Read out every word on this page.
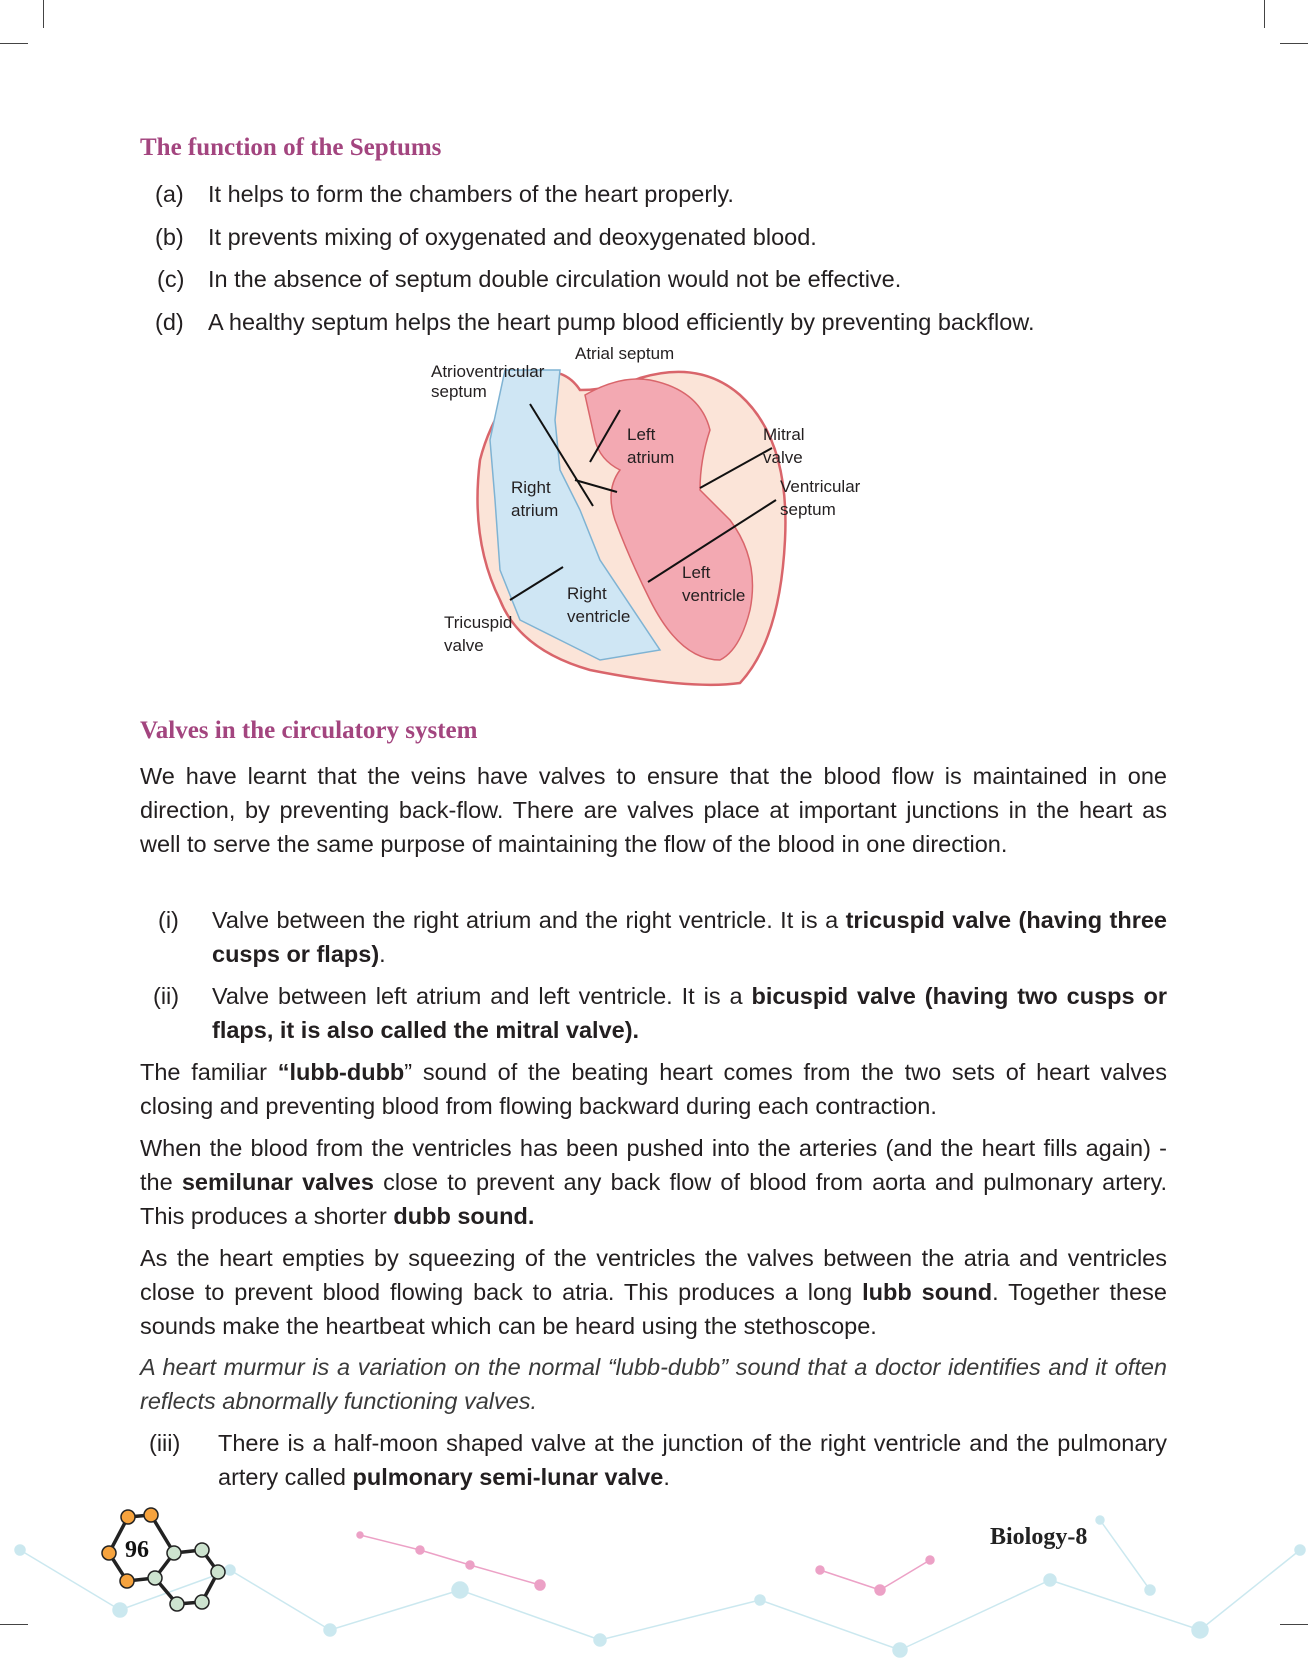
The function of the Septums
(a) It helps to form the chambers of the heart properly.
(b) It prevents mixing of oxygenated and deoxygenated blood.
(c) In the absence of septum double circulation would not be effective.
(d) A healthy septum helps the heart pump blood efficiently by preventing backflow.
Atrial septum
Atrioventricular
septum
Left
atrium
Mitral
valve
Right
atrium
Ventricular
septum
Left
ventricle
Right
ventricle
Tricuspid
valve
Valves in the circulatory system
We have learnt that the veins have valves to ensure that the blood flow is maintained in one direction, by preventing back-flow. There are valves place at important junctions in the heart as well to serve the same purpose of maintaining the flow of the blood in one direction.
(i) Valve between the right atrium and the right ventricle. It is a tricuspid valve (having three cusps or flaps).
(ii) Valve between left atrium and left ventricle. It is a bicuspid valve (having two cusps or flaps, it is also called the mitral valve).
The familiar “lubb-dubb” sound of the beating heart comes from the two sets of heart valves closing and preventing blood from flowing backward during each contraction.
When the blood from the ventricles has been pushed into the arteries (and the heart fills again) -the semilunar valves close to prevent any back flow of blood from aorta and pulmonary artery. This produces a shorter dubb sound.
As the heart empties by squeezing of the ventricles the valves between the atria and ventricles close to prevent blood flowing back to atria. This produces a long lubb sound. Together these sounds make the heartbeat which can be heard using the stethoscope.
A heart murmur is a variation on the normal “lubb-dubb” sound that a doctor identifies and it often reflects abnormally functioning valves.
(iii) There is a half-moon shaped valve at the junction of the right ventricle and the pulmonary artery called pulmonary semi-lunar valve.
96	Biology-8
